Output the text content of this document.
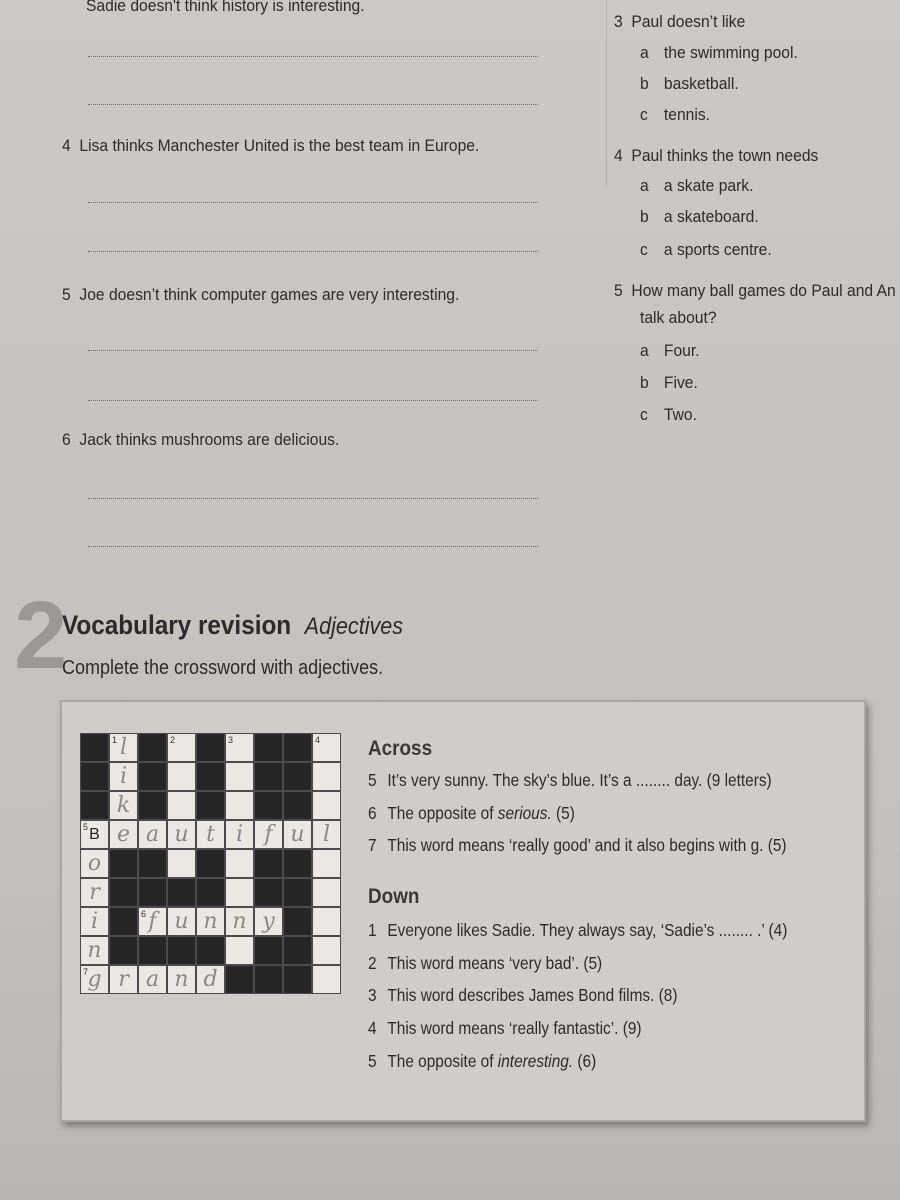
Sadie doesn't think history is interesting.
4 Lisa thinks Manchester United is the best team in Europe.
5 Joe doesn’t think computer games are very interesting.
6 Jack thinks mushrooms are delicious.
3 Paul doesn’t like
a the swimming pool.
b basketball.
c tennis.
4 Paul thinks the town needs
a a skate park.
b a skateboard.
c a sports centre.
5 How many ball games do Paul and An
talk about?
a Four.
b Five.
c Two.
2
Vocabulary revision Adjectives
Complete the crossword with adjectives.
1 l	2	3	4
i
k
5 B e a u t i f u l
o
r
i	6 f u n n y
n
7 g r a n d
Across
5 It’s very sunny. The sky’s blue. It’s a ........ day. (9 letters)
6 The opposite of serious. (5)
7 This word means ‘really good’ and it also begins with g. (5)
Down
1 Everyone likes Sadie. They always say, ‘Sadie’s ........ .’ (4)
2 This word means ‘very bad’. (5)
3 This word describes James Bond films. (8)
4 This word means ‘really fantastic’. (9)
5 The opposite of interesting. (6)
